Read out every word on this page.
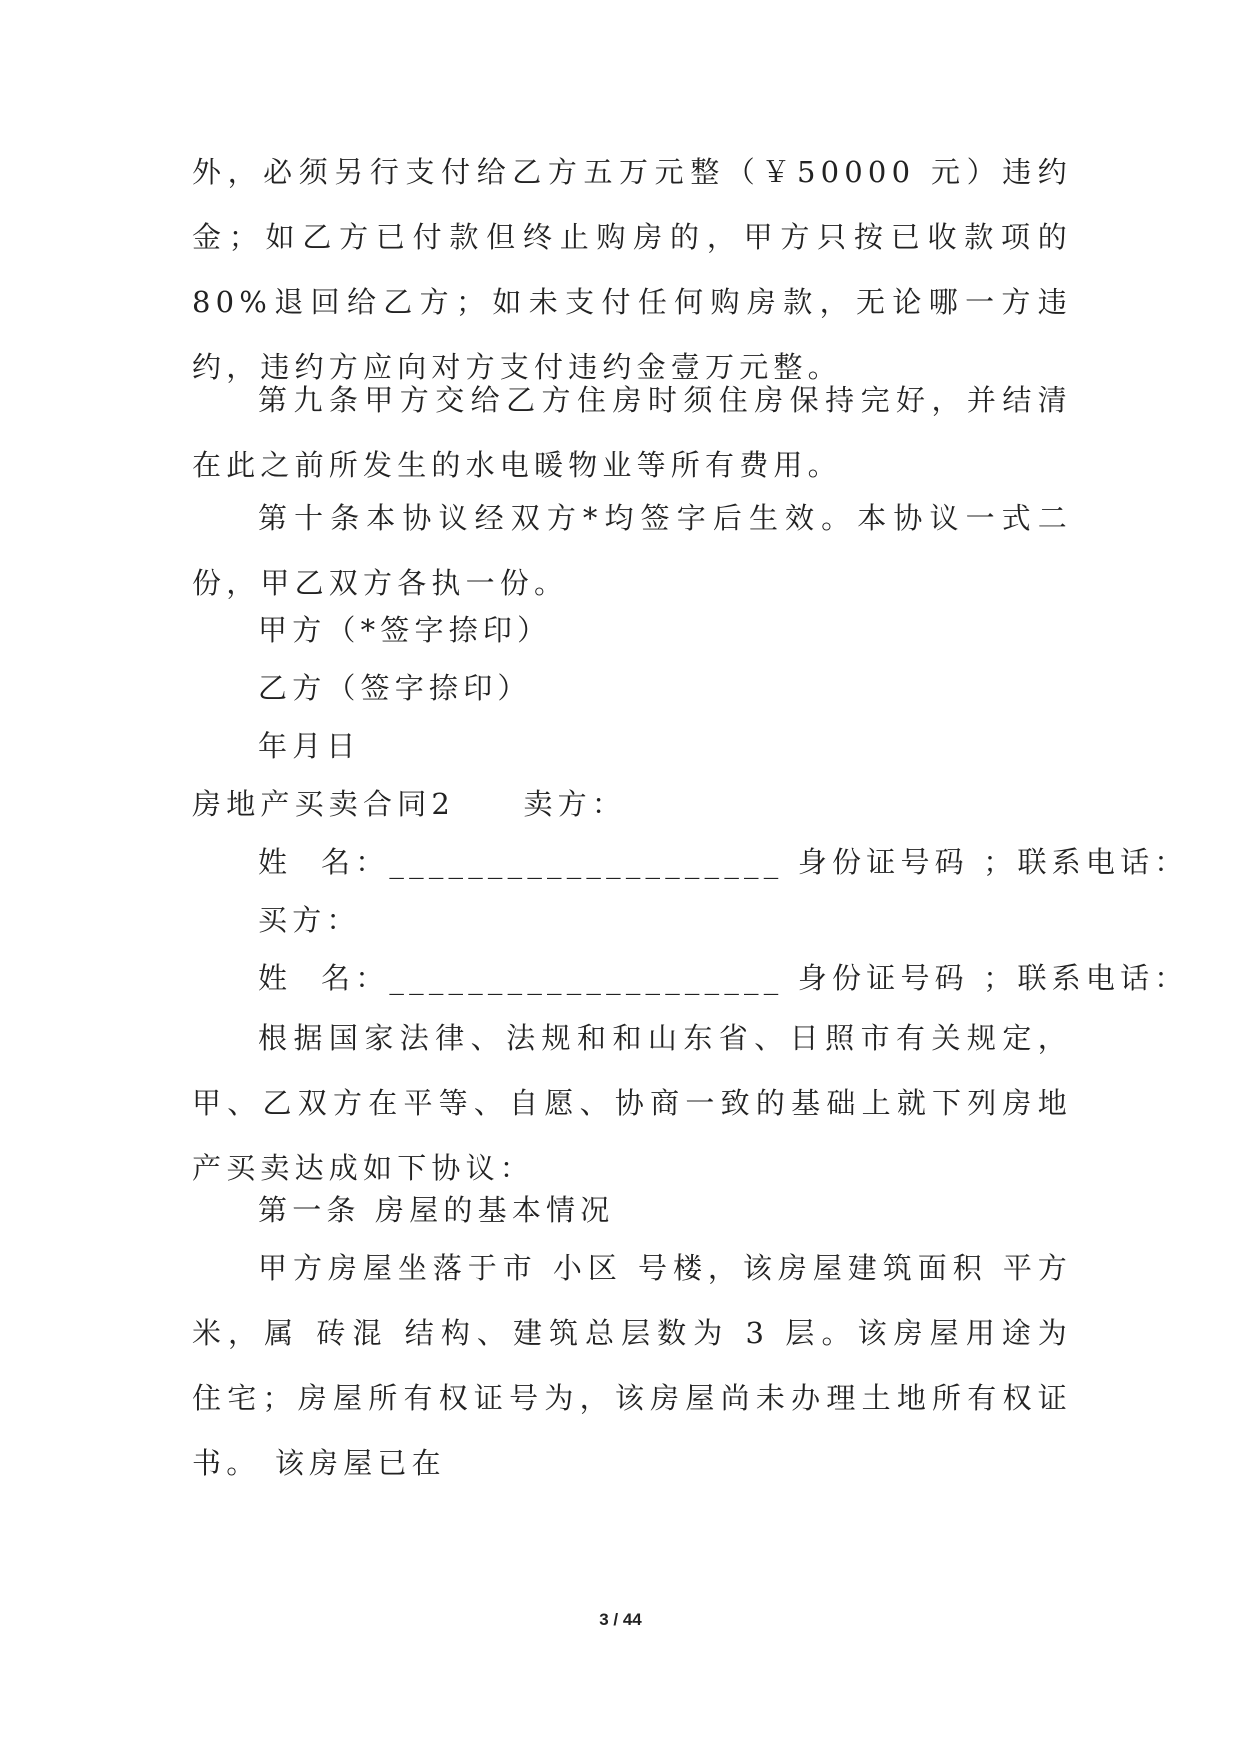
外，必须另行支付给乙方五万元整（￥50000 元）违约金；如乙方已付款但终止购房的，甲方只按已收款项的 80%退回给乙方；如未支付任何购房款，无论哪一方违约，违约方应向对方支付违约金壹万元整。
第九条甲方交给乙方住房时须住房保持完好，并结清在此之前所发生的水电暖物业等所有费用。
第十条本协议经双方*均签字后生效。本协议一式二份，甲乙双方各执一份。
甲方（*签字捺印）
乙方（签字捺印）
年月日
房地产买卖合同2　　卖方：
姓  名：____________________ 身份证号码 ；联系电话：
买方：
姓  名：____________________ 身份证号码 ；联系电话：
根据国家法律、法规和和山东省、日照市有关规定，甲、乙双方在平等、自愿、协商一致的基础上就下列房地产买卖达成如下协议：
第一条 房屋的基本情况
甲方房屋坐落于市 小区 号楼，该房屋建筑面积 平方米，属 砖混 结构、建筑总层数为 3 层。该房屋用途为 住宅；房屋所有权证号为，该房屋尚未办理土地所有权证书。 该房屋已在
3 / 44
